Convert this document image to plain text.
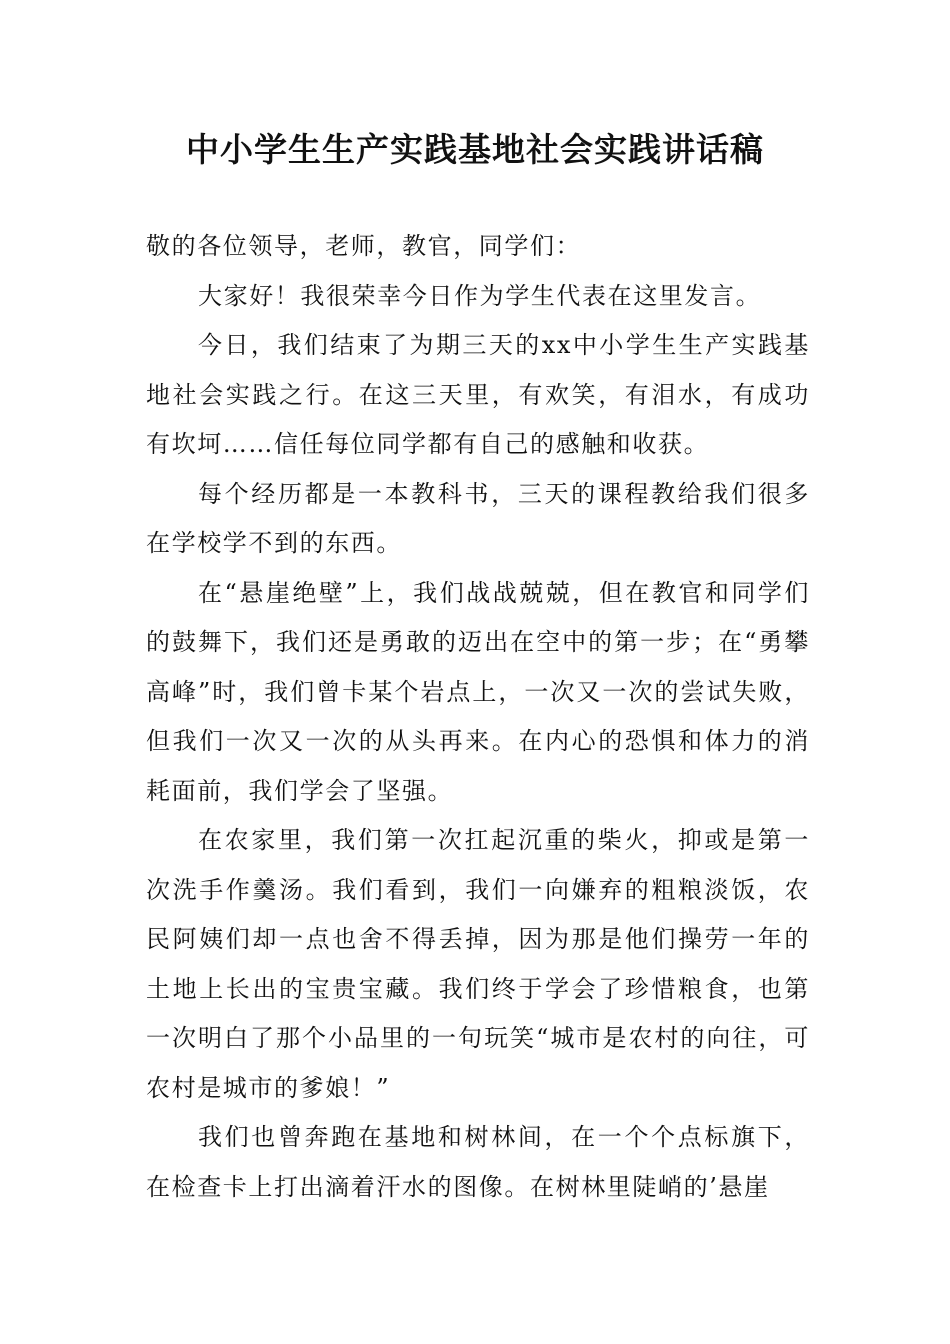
中小学生生产实践基地社会实践讲话稿

敬的各位领导，老师，教官，同学们：

大家好！我很荣幸今日作为学生代表在这里发言。

今日，我们结束了为期三天的xx中小学生生产实践基地社会实践之行。在这三天里，有欢笑，有泪水，有成功有坎坷……信任每位同学都有自己的感触和收获。

每个经历都是一本教科书，三天的课程教给我们很多在学校学不到的东西。

在“悬崖绝壁”上，我们战战兢兢，但在教官和同学们的鼓舞下，我们还是勇敢的迈出在空中的第一步；在“勇攀高峰”时，我们曾卡某个岩点上，一次又一次的尝试失败，但我们一次又一次的从头再来。在内心的恐惧和体力的消耗面前，我们学会了坚强。

在农家里，我们第一次扛起沉重的柴火，抑或是第一次洗手作羹汤。我们看到，我们一向嫌弃的粗粮淡饭，农民阿姨们却一点也舍不得丢掉，因为那是他们操劳一年的土地上长出的宝贵宝藏。我们终于学会了珍惜粮食，也第一次明白了那个小品里的一句玩笑“城市是农村的向往，可农村是城市的爹娘！”

我们也曾奔跑在基地和树林间，在一个个点标旗下，在检查卡上打出滴着汗水的图像。在树林里陡峭的’悬崖
